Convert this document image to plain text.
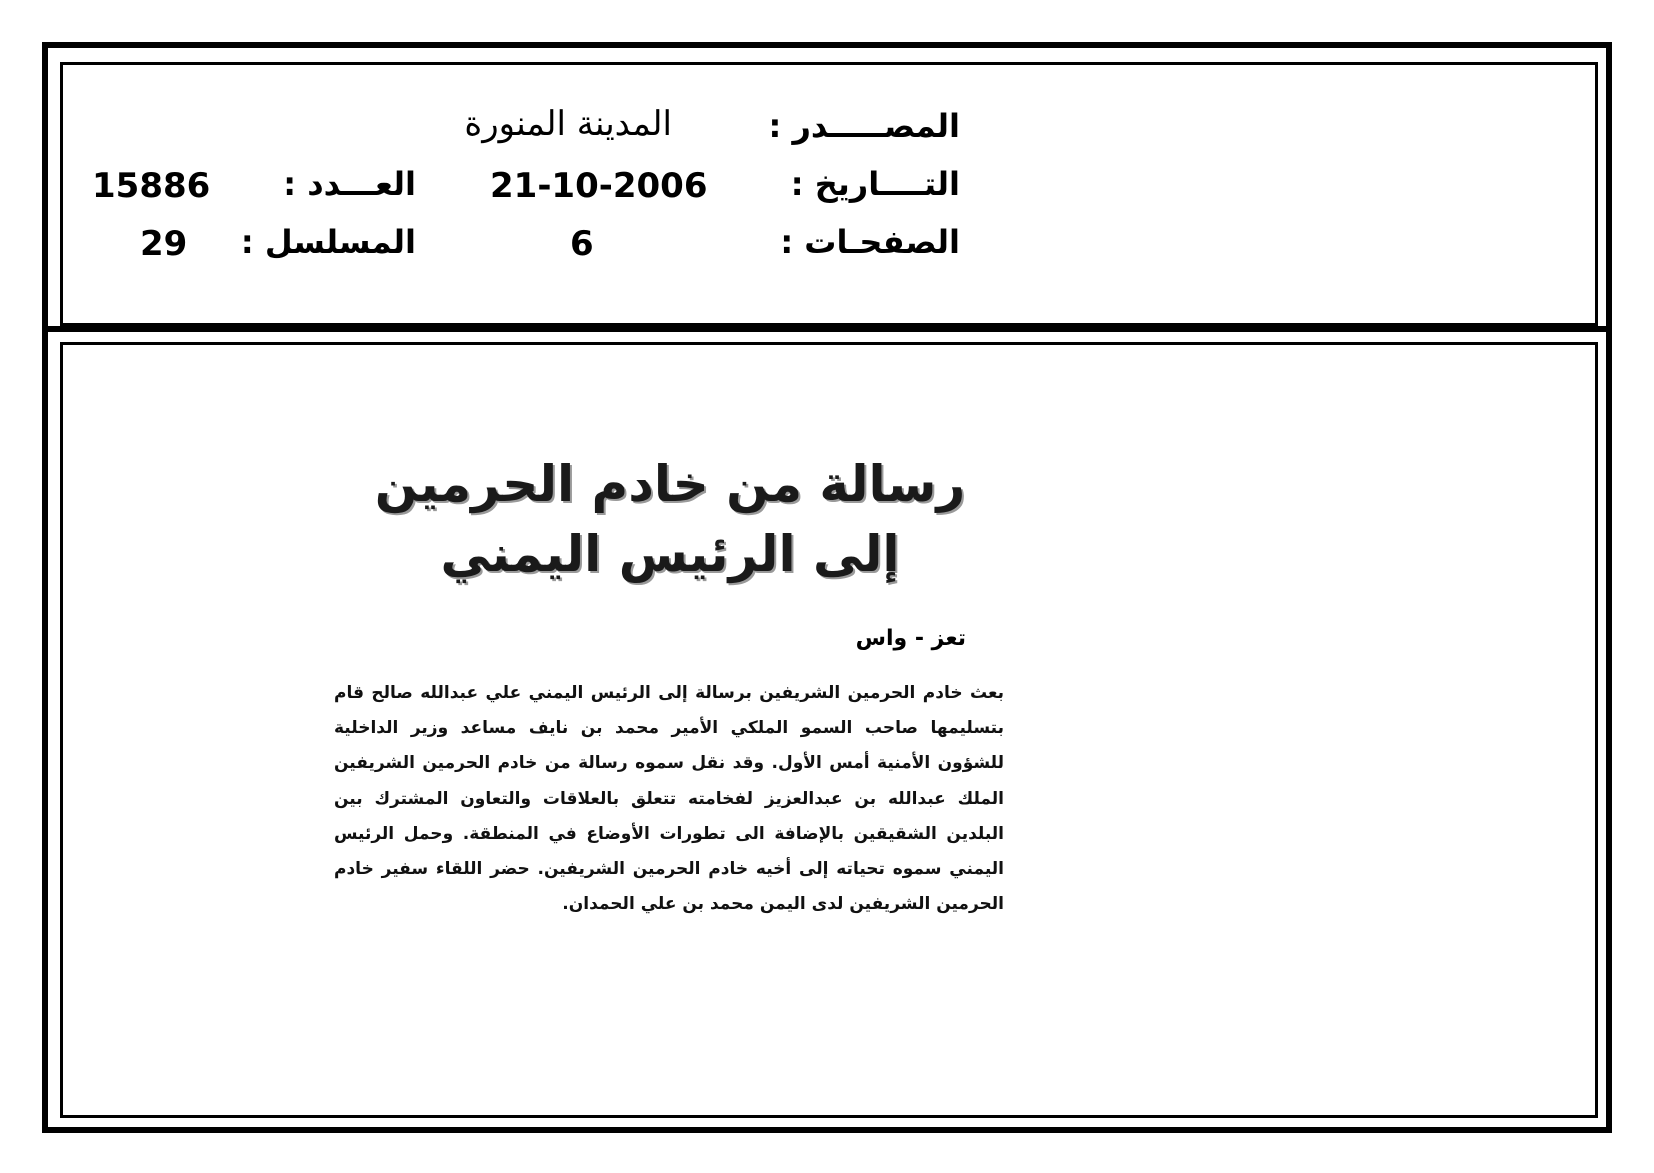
المصـــــدر :
التــــاريخ :
الصفحـات :
المدينة المنورة
21-10-2006
6
العـــدد :
المسلسل :
15886
29
رسالة من خادم الحرمين
إلى الرئيس اليمني
تعز - واس
بعث خادم الحرمين الشريفين برسالة إلى الرئيس اليمني علي عبدالله صالح قام بتسليمها صاحب السمو الملكي الأمير محمد بن نايف مساعد وزير الداخلية للشؤون الأمنية أمس الأول. وقد نقل سموه رسالة من خادم الحرمين الشريفين الملك عبدالله بن عبدالعزيز لفخامته تتعلق بالعلاقات والتعاون المشترك بين البلدين الشقيقين بالإضافة الى تطورات الأوضاع في المنطقة. وحمل الرئيس اليمني سموه تحياته إلى أخيه خادم الحرمين الشريفين. حضر اللقاء سفير خادم الحرمين الشريفين لدى اليمن محمد بن علي الحمدان.
